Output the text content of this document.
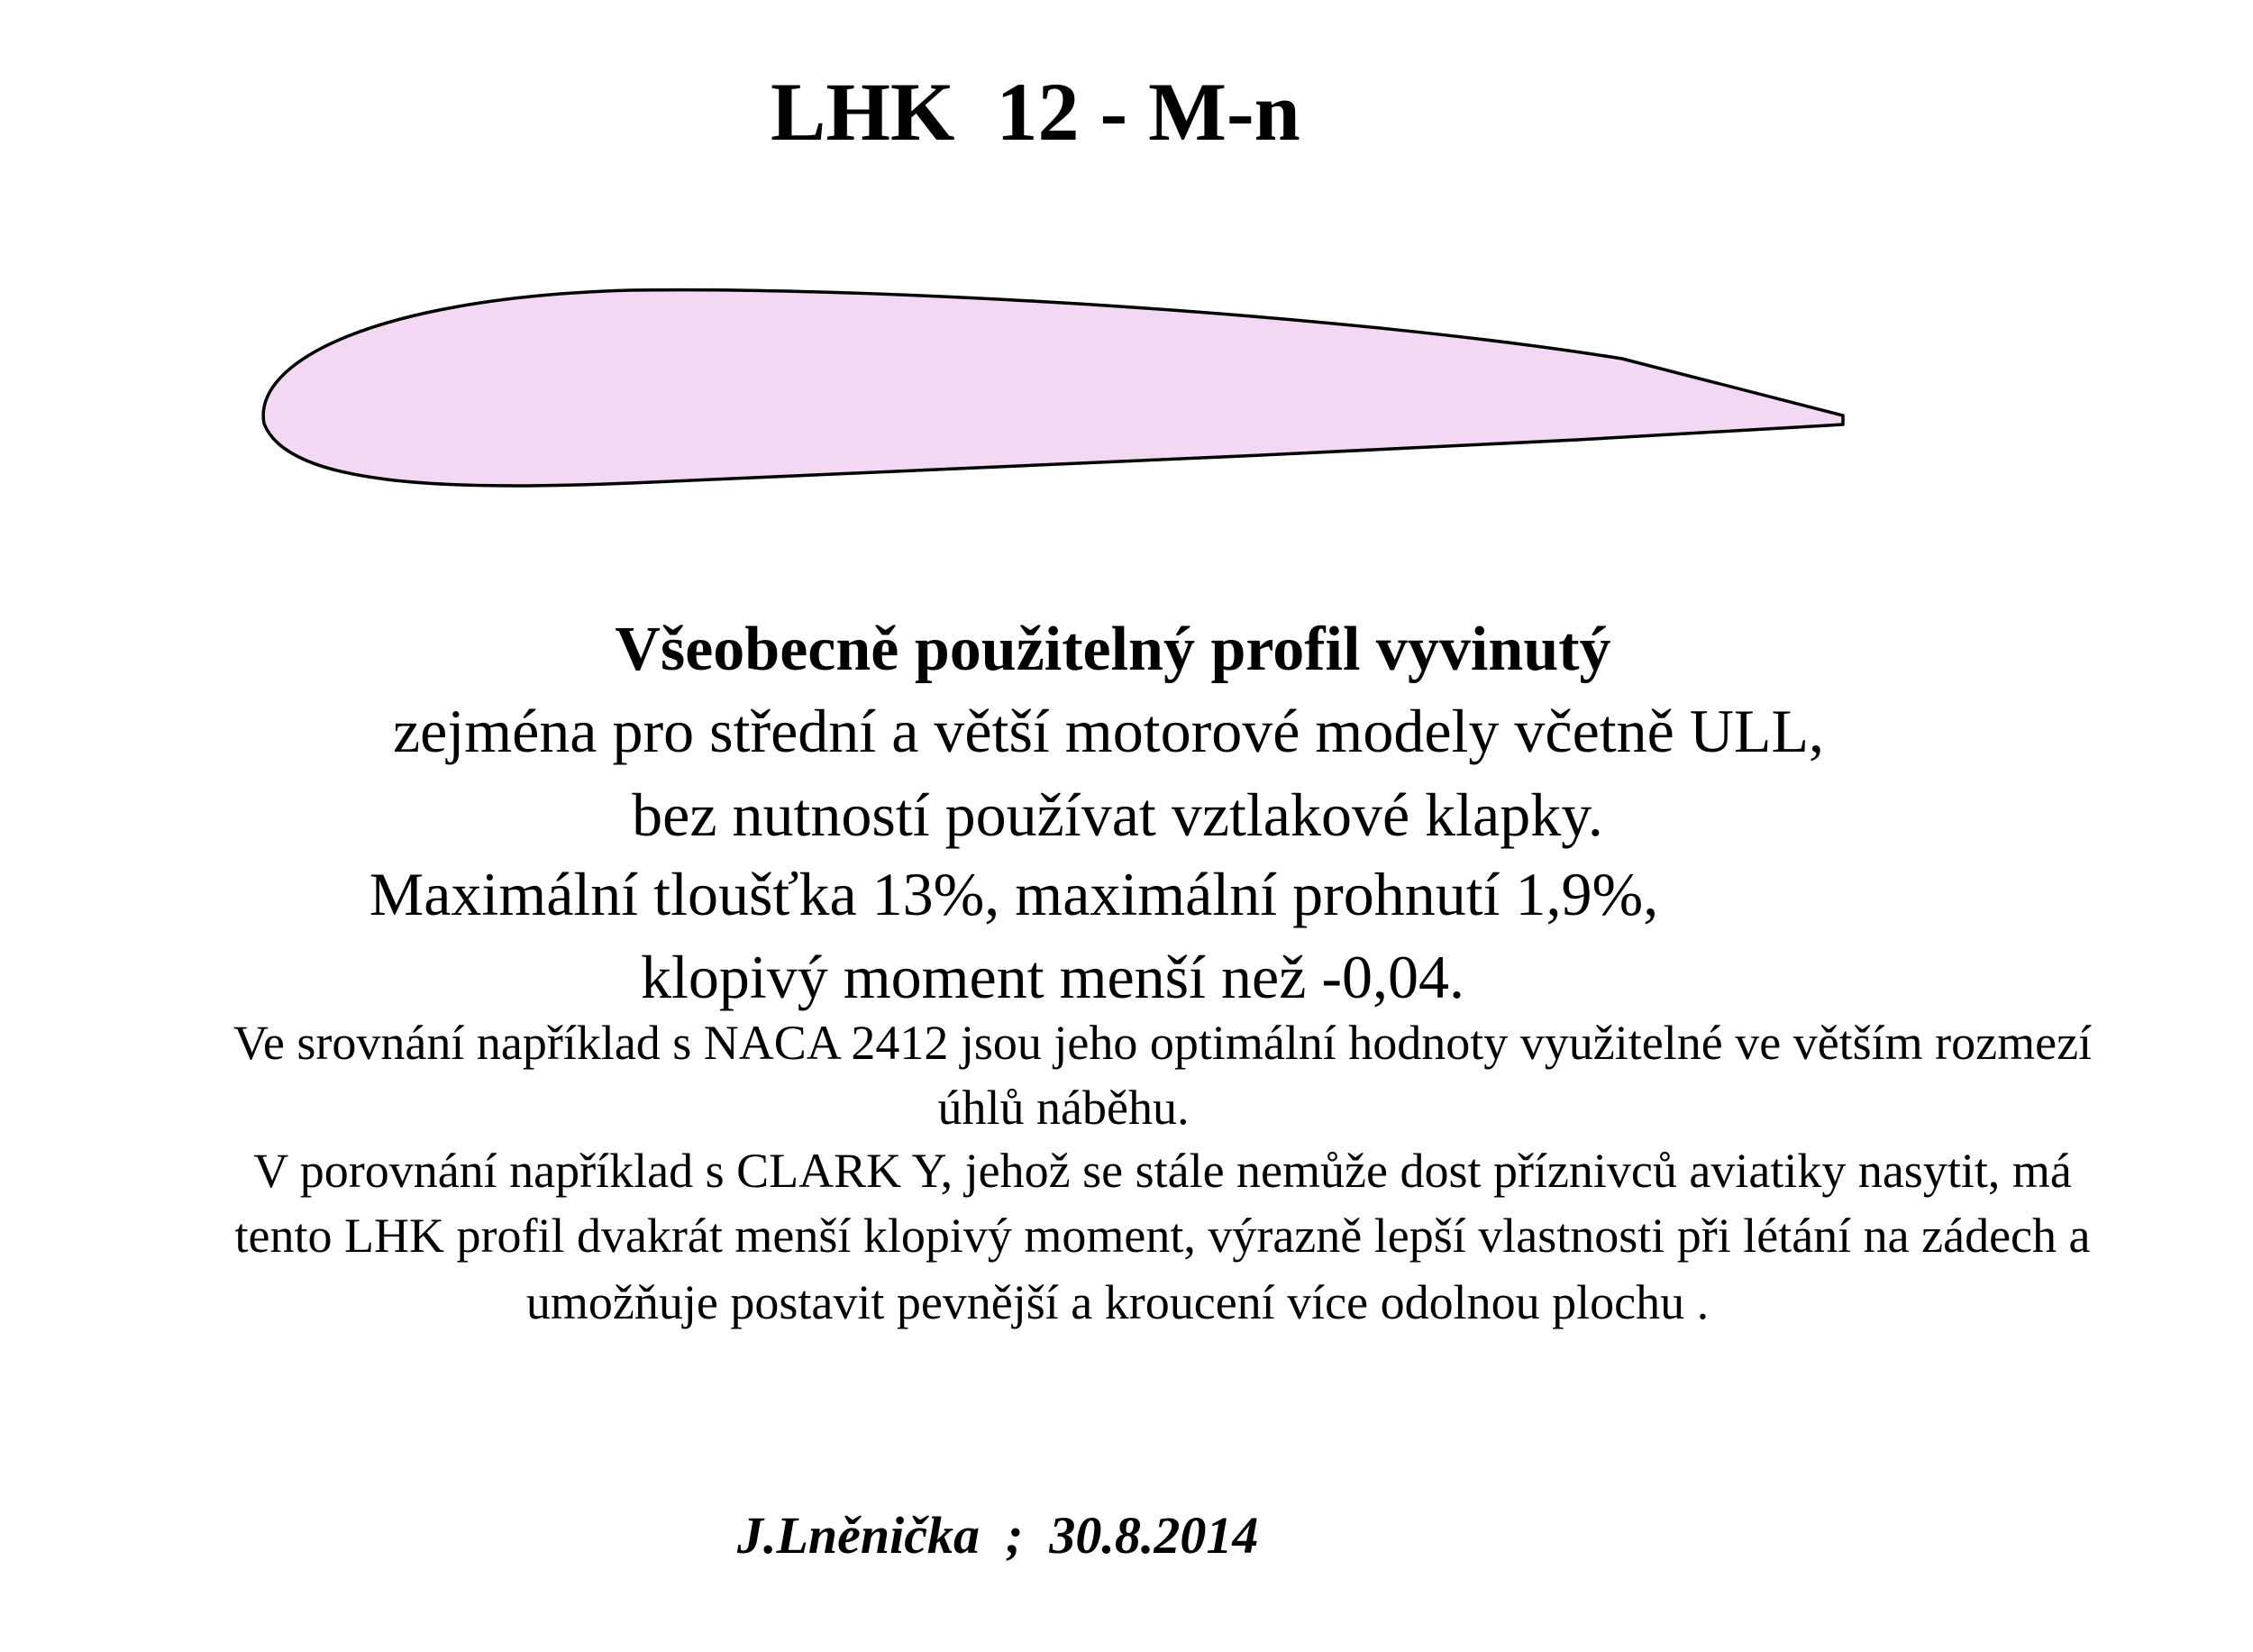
LHK  12 - M-n
Všeobecně použitelný profil vyvinutý
zejména pro střední a větší motorové modely včetně ULL,
bez nutností používat vztlakové klapky.
Maximální tloušťka 13%, maximální prohnutí 1,9%,
klopivý moment menší než -0,04.
Ve srovnání například s NACA 2412 jsou jeho optimální hodnoty využitelné ve větším rozmezí
úhlů náběhu.
V porovnání například s CLARK Y, jehož se stále nemůže dost příznivců aviatiky nasytit, má
tento LHK profil dvakrát menší klopivý moment, výrazně lepší vlastnosti při létání na zádech a
umožňuje postavit pevnější a kroucení více odolnou plochu .
J.Lněnička  ;  30.8.2014
